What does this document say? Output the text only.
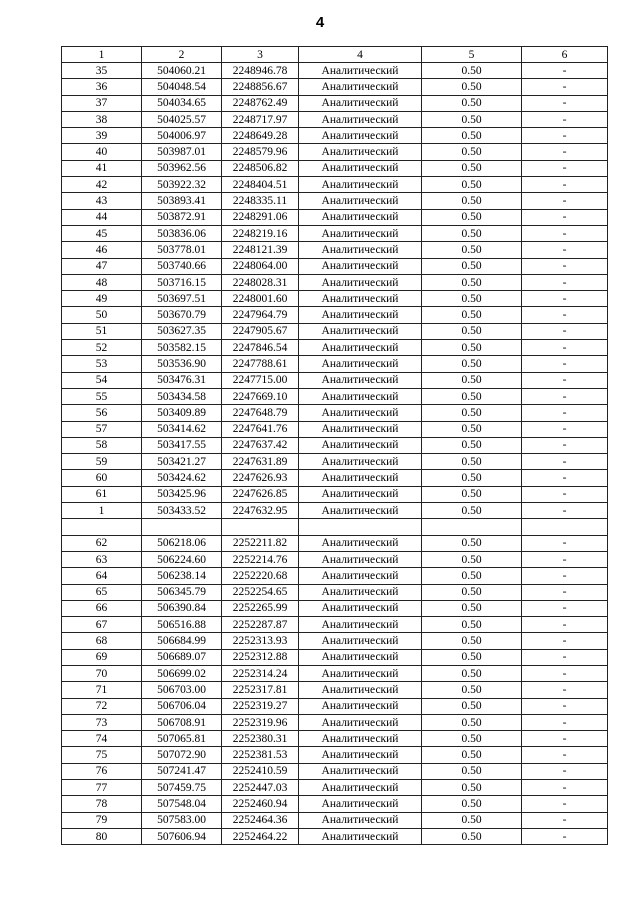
4
1	2	3	4	5	6
35	504060.21	2248946.78	Аналитический	0.50	-
36	504048.54	2248856.67	Аналитический	0.50	-
37	504034.65	2248762.49	Аналитический	0.50	-
38	504025.57	2248717.97	Аналитический	0.50	-
39	504006.97	2248649.28	Аналитический	0.50	-
40	503987.01	2248579.96	Аналитический	0.50	-
41	503962.56	2248506.82	Аналитический	0.50	-
42	503922.32	2248404.51	Аналитический	0.50	-
43	503893.41	2248335.11	Аналитический	0.50	-
44	503872.91	2248291.06	Аналитический	0.50	-
45	503836.06	2248219.16	Аналитический	0.50	-
46	503778.01	2248121.39	Аналитический	0.50	-
47	503740.66	2248064.00	Аналитический	0.50	-
48	503716.15	2248028.31	Аналитический	0.50	-
49	503697.51	2248001.60	Аналитический	0.50	-
50	503670.79	2247964.79	Аналитический	0.50	-
51	503627.35	2247905.67	Аналитический	0.50	-
52	503582.15	2247846.54	Аналитический	0.50	-
53	503536.90	2247788.61	Аналитический	0.50	-
54	503476.31	2247715.00	Аналитический	0.50	-
55	503434.58	2247669.10	Аналитический	0.50	-
56	503409.89	2247648.79	Аналитический	0.50	-
57	503414.62	2247641.76	Аналитический	0.50	-
58	503417.55	2247637.42	Аналитический	0.50	-
59	503421.27	2247631.89	Аналитический	0.50	-
60	503424.62	2247626.93	Аналитический	0.50	-
61	503425.96	2247626.85	Аналитический	0.50	-
1	503433.52	2247632.95	Аналитический	0.50	-

62	506218.06	2252211.82	Аналитический	0.50	-
63	506224.60	2252214.76	Аналитический	0.50	-
64	506238.14	2252220.68	Аналитический	0.50	-
65	506345.79	2252254.65	Аналитический	0.50	-
66	506390.84	2252265.99	Аналитический	0.50	-
67	506516.88	2252287.87	Аналитический	0.50	-
68	506684.99	2252313.93	Аналитический	0.50	-
69	506689.07	2252312.88	Аналитический	0.50	-
70	506699.02	2252314.24	Аналитический	0.50	-
71	506703.00	2252317.81	Аналитический	0.50	-
72	506706.04	2252319.27	Аналитический	0.50	-
73	506708.91	2252319.96	Аналитический	0.50	-
74	507065.81	2252380.31	Аналитический	0.50	-
75	507072.90	2252381.53	Аналитический	0.50	-
76	507241.47	2252410.59	Аналитический	0.50	-
77	507459.75	2252447.03	Аналитический	0.50	-
78	507548.04	2252460.94	Аналитический	0.50	-
79	507583.00	2252464.36	Аналитический	0.50	-
80	507606.94	2252464.22	Аналитический	0.50	-
